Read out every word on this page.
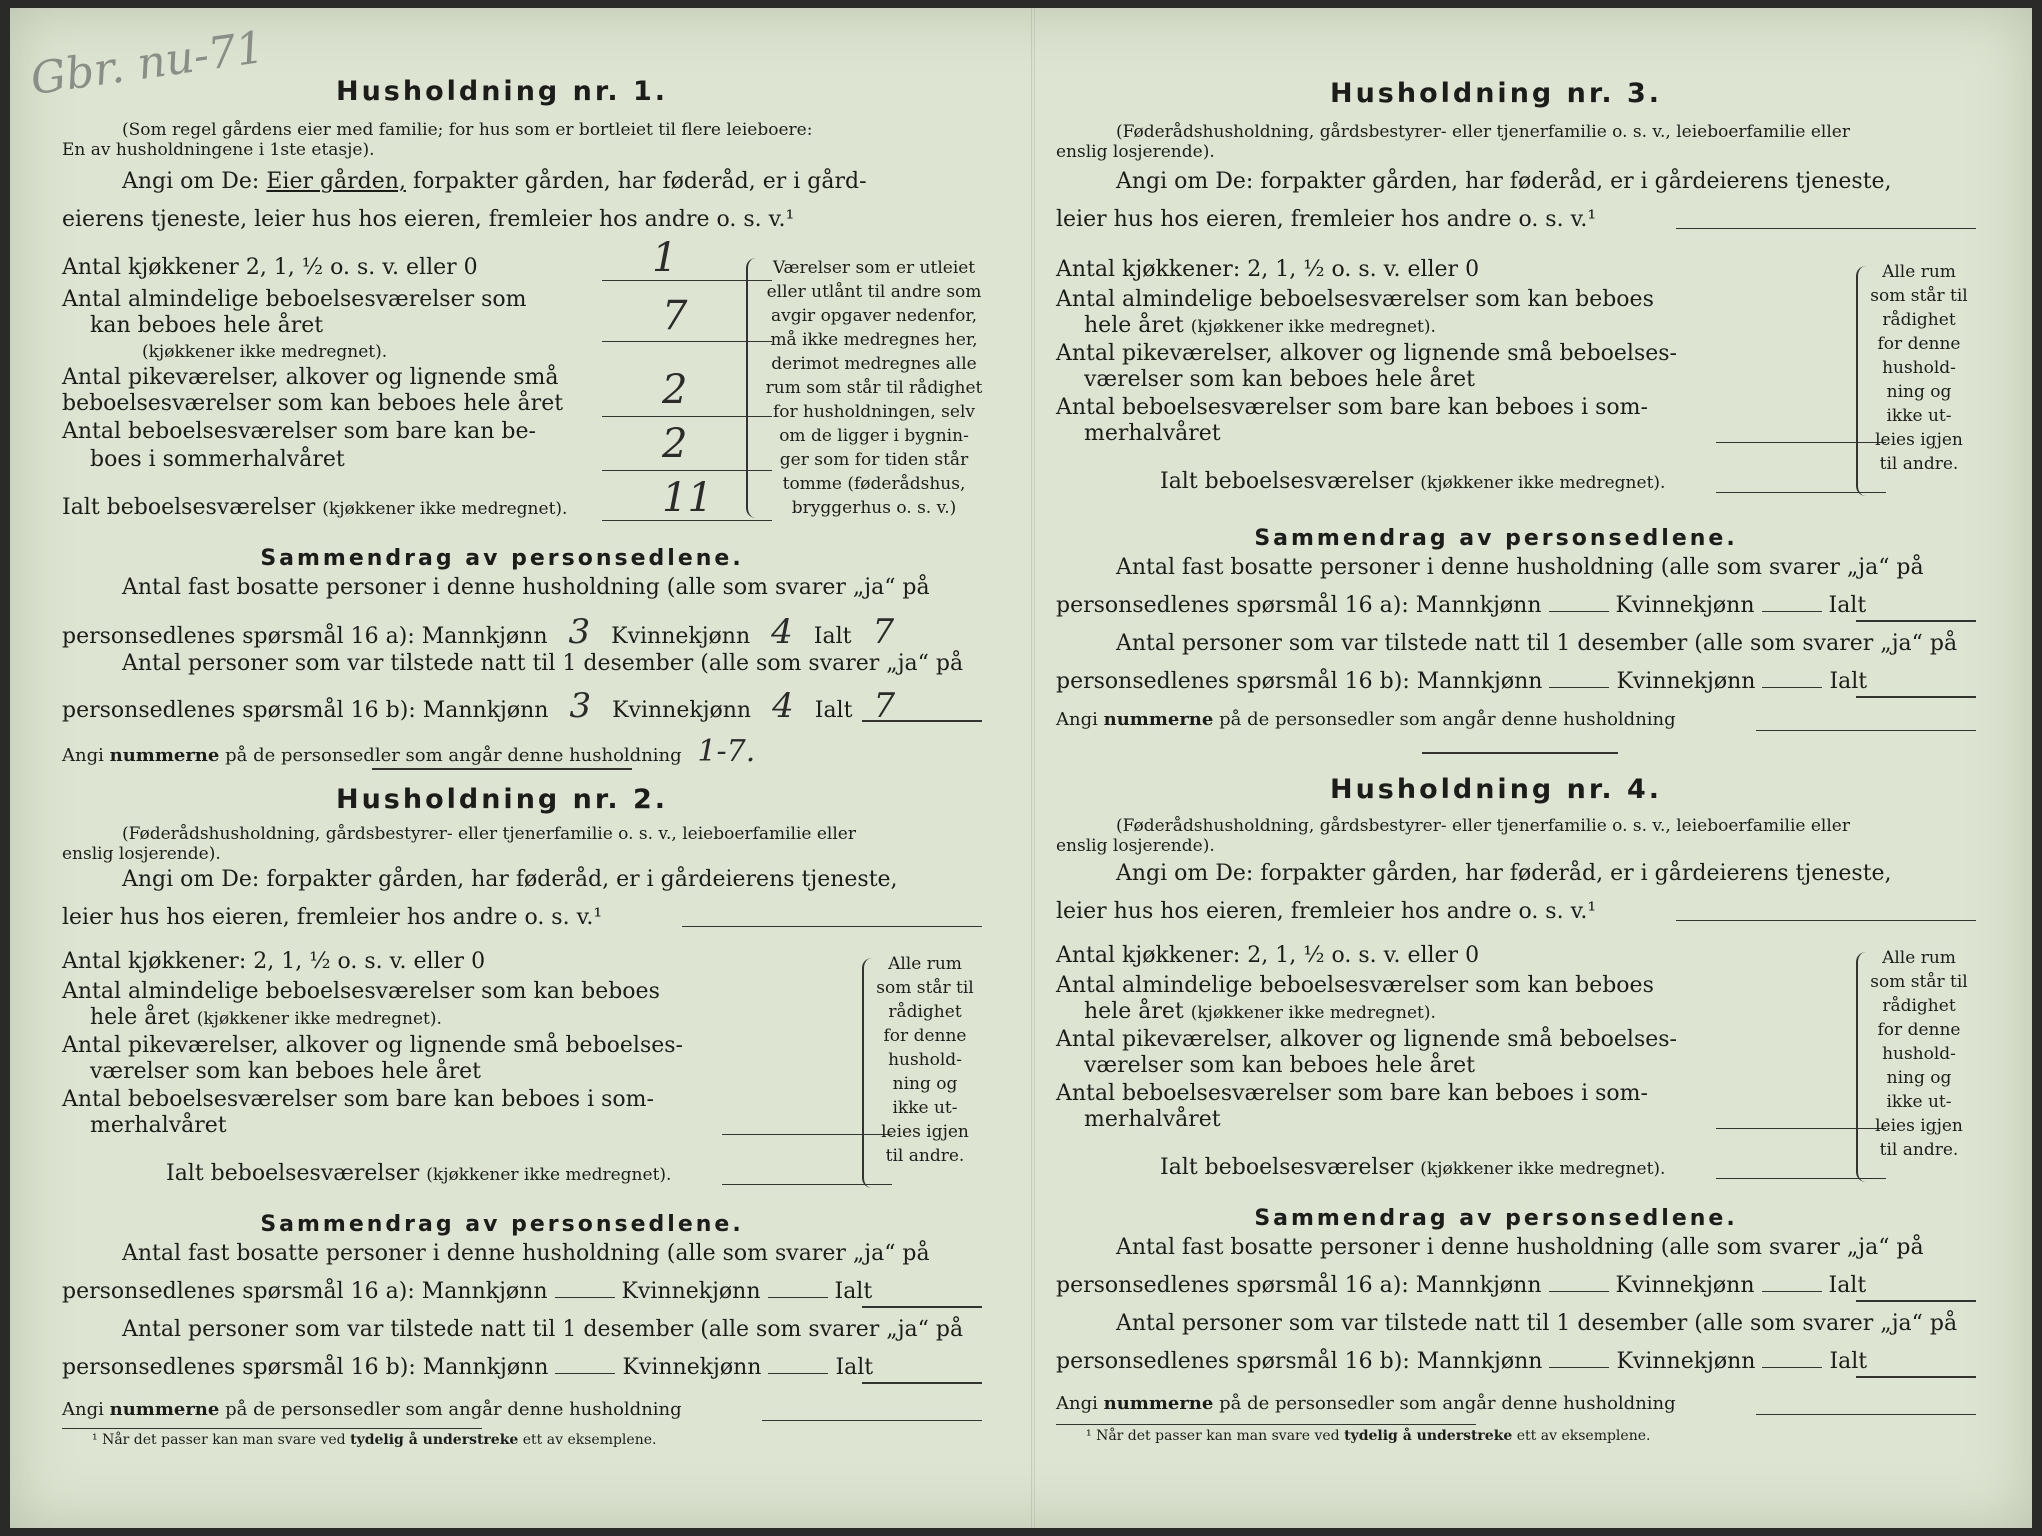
Gbr. nu-71	Husholdning nr. 1.
(Som regel gårdens eier med familie; for hus som er bortleiet til flere leieboere:
En av husholdningene i 1ste etasje).
Angi om De: Eier gården, forpakter gården, har føderåd, er i gård-
eierens tjeneste, leier hus hos eieren, fremleier hos andre o. s. v.¹
Antal kjøkkener 2, 1, ½ o. s. v. eller 0	1
Antal almindelige beboelsesværelser som
kan beboes hele året
(kjøkkener ikke medregnet).
7
Antal pikeværelser, alkover og lignende små
beboelsesværelser som kan beboes hele året 2
Antal beboelsesværelser som bare kan be-
boes i sommerhalvåret	2
Ialt beboelsesværelser (kjøkkener ikke medregnet). 11
Værelser som er utleiet
eller utlånt til andre som
avgir opgaver nedenfor,
må ikke medregnes her,
derimot medregnes alle
rum som står til rådighet
for husholdningen, selv
om de ligger i bygnin-
ger som for tiden står
tomme (føderådshus,
bryggerhus o. s. v.)
Sammendrag av personsedlene.
Antal fast bosatte personer i denne husholdning (alle som svarer „ja“ på
personsedlenes spørsmål 16 a): Mannkjønn 3 Kvinnekjønn 4 Ialt 7
Antal personer som var tilstede natt til 1 desember (alle som svarer „ja“ på
personsedlenes spørsmål 16 b): Mannkjønn 3 Kvinnekjønn 4 Ialt 7
Angi nummerne på de personsedler som angår denne husholdning 1-7.
Husholdning nr. 2.
(Føderådshusholdning, gårdsbestyrer- eller tjenerfamilie o. s. v., leieboerfamilie eller
enslig losjerende).
Angi om De: forpakter gården, har føderåd, er i gårdeierens tjeneste,
leier hus hos eieren, fremleier hos andre o. s. v.¹
Antal kjøkkener: 2, 1, ½ o. s. v. eller 0
Antal almindelige beboelsesværelser som kan beboes
hele året (kjøkkener ikke medregnet).
Antal pikeværelser, alkover og lignende små beboelses-
værelser som kan beboes hele året
Antal beboelsesværelser som bare kan beboes i som-
merhalvåret
Ialt beboelsesværelser (kjøkkener ikke medregnet).
Alle rum
som står til
rådighet
for denne
hushold-
ning og
ikke ut-
leies igjen
til andre.
Sammendrag av personsedlene.
Antal fast bosatte personer i denne husholdning (alle som svarer „ja“ på
personsedlenes spørsmål 16 a): Mannkjønn	Kvinnekjønn	Ialt
Antal personer som var tilstede natt til 1 desember (alle som svarer „ja“ på
personsedlenes spørsmål 16 b): Mannkjønn	Kvinnekjønn	Ialt
Angi nummerne på de personsedler som angår denne husholdning
¹ Når det passer kan man svare ved tydelig å understreke ett av eksemplene.
Husholdning nr. 3.
(Føderådshusholdning, gårdsbestyrer- eller tjenerfamilie o. s. v., leieboerfamilie eller
enslig losjerende).
Angi om De: forpakter gården, har føderåd, er i gårdeierens tjeneste,
leier hus hos eieren, fremleier hos andre o. s. v.¹
Antal kjøkkener: 2, 1, ½ o. s. v. eller 0
Antal almindelige beboelsesværelser som kan beboes
hele året (kjøkkener ikke medregnet).
Antal pikeværelser, alkover og lignende små beboelses-
værelser som kan beboes hele året
Antal beboelsesværelser som bare kan beboes i som-
merhalvåret
Ialt beboelsesværelser (kjøkkener ikke medregnet).
Alle rum
som står til
rådighet
for denne
hushold-
ning og
ikke ut-
leies igjen
til andre.
Sammendrag av personsedlene.
Antal fast bosatte personer i denne husholdning (alle som svarer „ja“ på
personsedlenes spørsmål 16 a): Mannkjønn	Kvinnekjønn	Ialt
Antal personer som var tilstede natt til 1 desember (alle som svarer „ja“ på
personsedlenes spørsmål 16 b): Mannkjønn	Kvinnekjønn	Ialt
Angi nummerne på de personsedler som angår denne husholdning
Husholdning nr. 4.
(Føderådshusholdning, gårdsbestyrer- eller tjenerfamilie o. s. v., leieboerfamilie eller
enslig losjerende).
Angi om De: forpakter gården, har føderåd, er i gårdeierens tjeneste,
leier hus hos eieren, fremleier hos andre o. s. v.¹
Antal kjøkkener: 2, 1, ½ o. s. v. eller 0
Antal almindelige beboelsesværelser som kan beboes
hele året (kjøkkener ikke medregnet).
Antal pikeværelser, alkover og lignende små beboelses-
værelser som kan beboes hele året
Antal beboelsesværelser som bare kan beboes i som-
merhalvåret
Ialt beboelsesværelser (kjøkkener ikke medregnet).
Alle rum
som står til
rådighet
for denne
hushold-
ning og
ikke ut-
leies igjen
til andre.
Sammendrag av personsedlene.
Antal fast bosatte personer i denne husholdning (alle som svarer „ja“ på
personsedlenes spørsmål 16 a): Mannkjønn	Kvinnekjønn	Ialt
Antal personer som var tilstede natt til 1 desember (alle som svarer „ja“ på
personsedlenes spørsmål 16 b): Mannkjønn	Kvinnekjønn	Ialt
Angi nummerne på de personsedler som angår denne husholdning
¹ Når det passer kan man svare ved tydelig å understreke ett av eksemplene.
